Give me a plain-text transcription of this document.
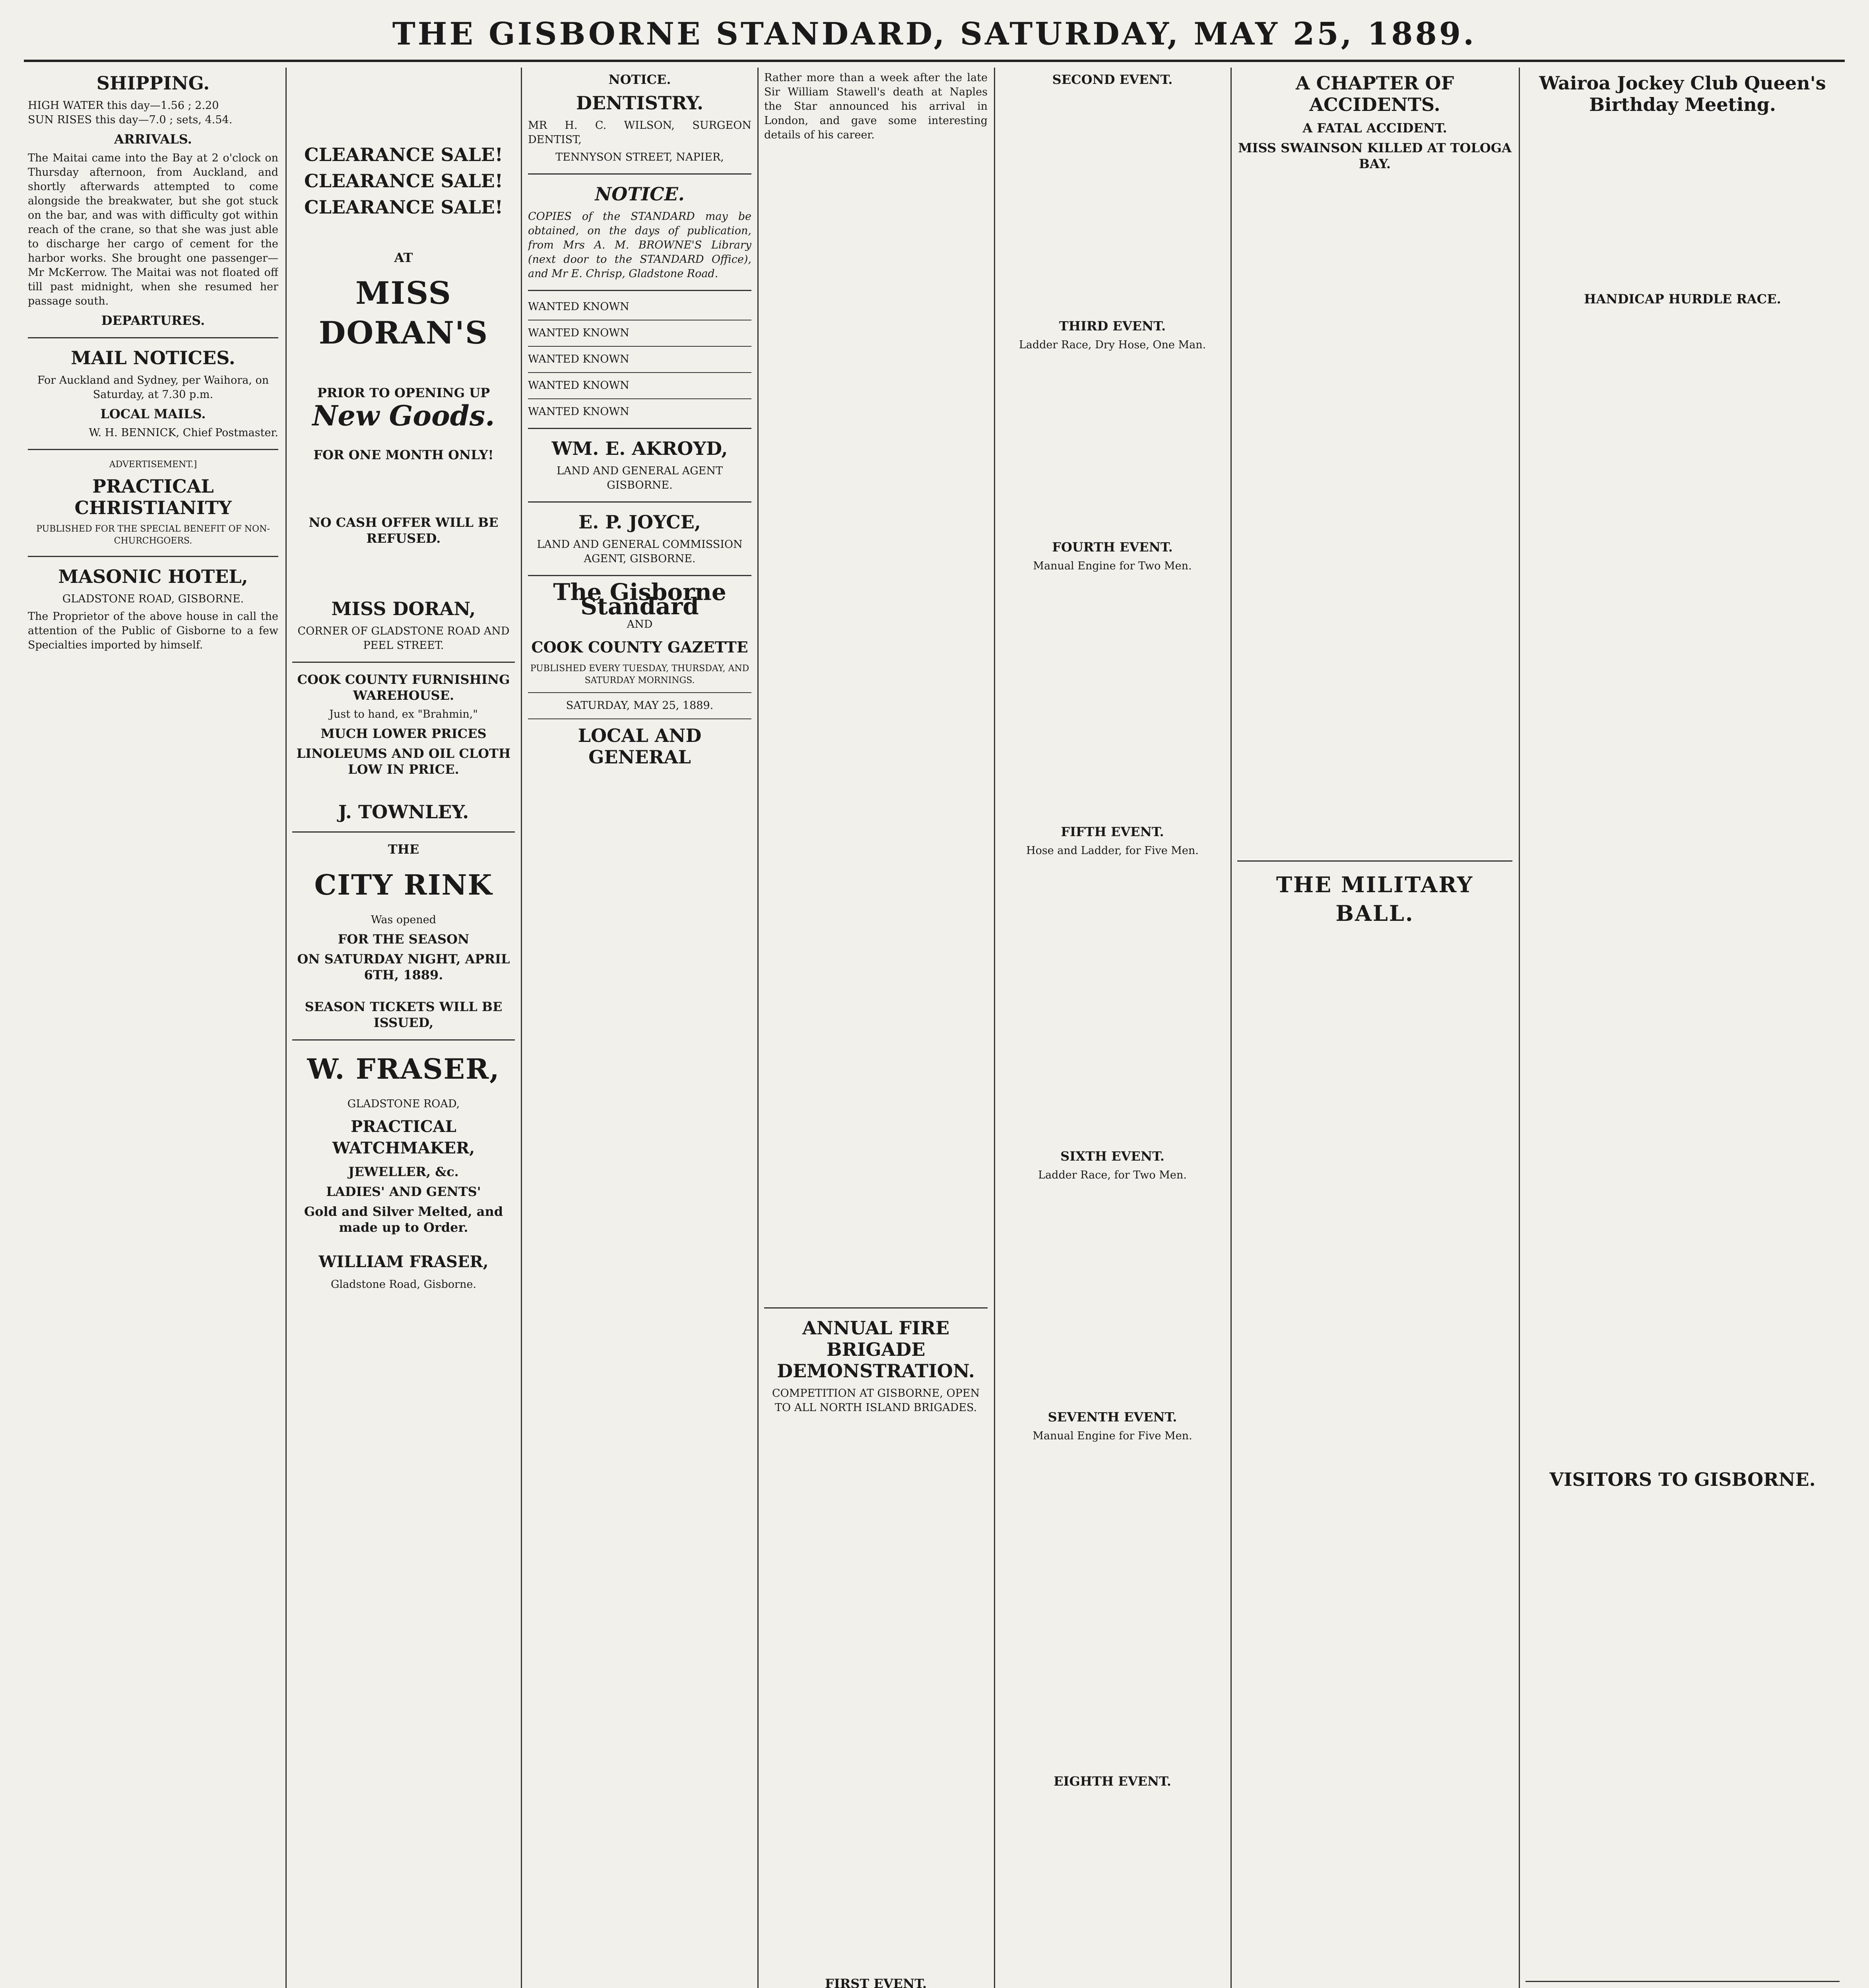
THE GISBORNE STANDARD, SATURDAY, MAY 25, 1889.
SHIPPING.
HIGH WATER this day—1.56 ; 2.20
SUN RISES this day—7.0 ; sets, 4.54.
ARRIVALS.

The Maitai came into the Bay at 2 o'clock on Thursday afternoon, from Auckland, and shortly afterwards attempted to come alongside the breakwater, but she got stuck on the bar, and was with difficulty got within reach of the crane, so that she was just able to discharge her cargo of cement for the harbor works. She brought one passenger—Mr McKerrow. The Maitai was not floated off till past midnight, when she resumed her passage south.

DEPARTURES.
MAIL NOTICES.

For Auckland and Sydney, per Waihora, on Saturday, at 7.30 p.m.

LOCAL MAILS.

W. H. BENNICK, Chief Postmaster.

ADVERTISEMENT.]
PRACTICAL CHRISTIANITY
PUBLISHED FOR THE SPECIAL BENEFIT OF NON-CHURCHGOERS.
MASONIC HOTEL,
GLADSTONE ROAD, GISBORNE.

The Proprietor of the above house in call the attention of the Public of Gisborne to a few Specialties imported by himself.

CLEARANCE SALE!
CLEARANCE SALE!
CLEARANCE SALE!
AT
MISS DORAN'S
PRIOR TO OPENING UP
New Goods.
FOR ONE MONTH ONLY!
NO CASH OFFER WILL BE REFUSED.
MISS DORAN,
CORNER OF GLADSTONE ROAD AND PEEL STREET.
COOK COUNTY FURNISHING WAREHOUSE.
Just to hand, ex "Brahmin,"
MUCH LOWER PRICES
LINOLEUMS AND OIL CLOTH LOW IN PRICE.
J. TOWNLEY.
THE
CITY RINK
Was opened
FOR THE SEASON
ON SATURDAY NIGHT, APRIL 6TH, 1889.
SEASON TICKETS WILL BE ISSUED,
W. FRASER,
GLADSTONE ROAD,
PRACTICAL WATCHMAKER,
JEWELLER, &c.
LADIES' AND GENTS'
Gold and Silver Melted, and made up to Order.
WILLIAM FRASER,
Gladstone Road, Gisborne.
NOTICE.
DENTISTRY.

MR H. C. WILSON, SURGEON DENTIST,

TENNYSON STREET, NAPIER,
NOTICE.

COPIES of the STANDARD may be obtained, on the days of publication, from Mrs A. M. BROWNE'S Library (next door to the STANDARD Office), and Mr E. Chrisp, Gladstone Road.

WANTED KNOWN

WANTED KNOWN

WANTED KNOWN

WANTED KNOWN

WANTED KNOWN

WM. E. AKROYD,
LAND AND GENERAL AGENT GISBORNE.
E. P. JOYCE,
LAND AND GENERAL COMMISSION AGENT, GISBORNE.
The Gisborne Standard
AND
COOK COUNTY GAZETTE
PUBLISHED EVERY TUESDAY, THURSDAY, AND SATURDAY MORNINGS.
SATURDAY, MAY 25, 1889.
LOCAL AND GENERAL

Rather more than a week after the late Sir William Stawell's death at Naples the Star announced his arrival in London, and gave some interesting details of his career.

ANNUAL FIRE BRIGADE DEMONSTRATION.
COMPETITION AT GISBORNE, OPEN TO ALL NORTH ISLAND BRIGADES.
FIRST EVENT.
SECOND EVENT.
THIRD EVENT.
Ladder Race, Dry Hose, One Man.
FOURTH EVENT.
Manual Engine for Two Men.
FIFTH EVENT.
Hose and Ladder, for Five Men.
SIXTH EVENT.
Ladder Race, for Two Men.
SEVENTH EVENT.
Manual Engine for Five Men.
EIGHTH EVENT.
A CHAPTER OF ACCIDENTS.
A FATAL ACCIDENT.
MISS SWAINSON KILLED AT TOLOGA BAY.
THE MILITARY BALL.
Wairoa Jockey Club Queen's Birthday Meeting.
HANDICAP HURDLE RACE.
VISITORS TO GISBORNE.
